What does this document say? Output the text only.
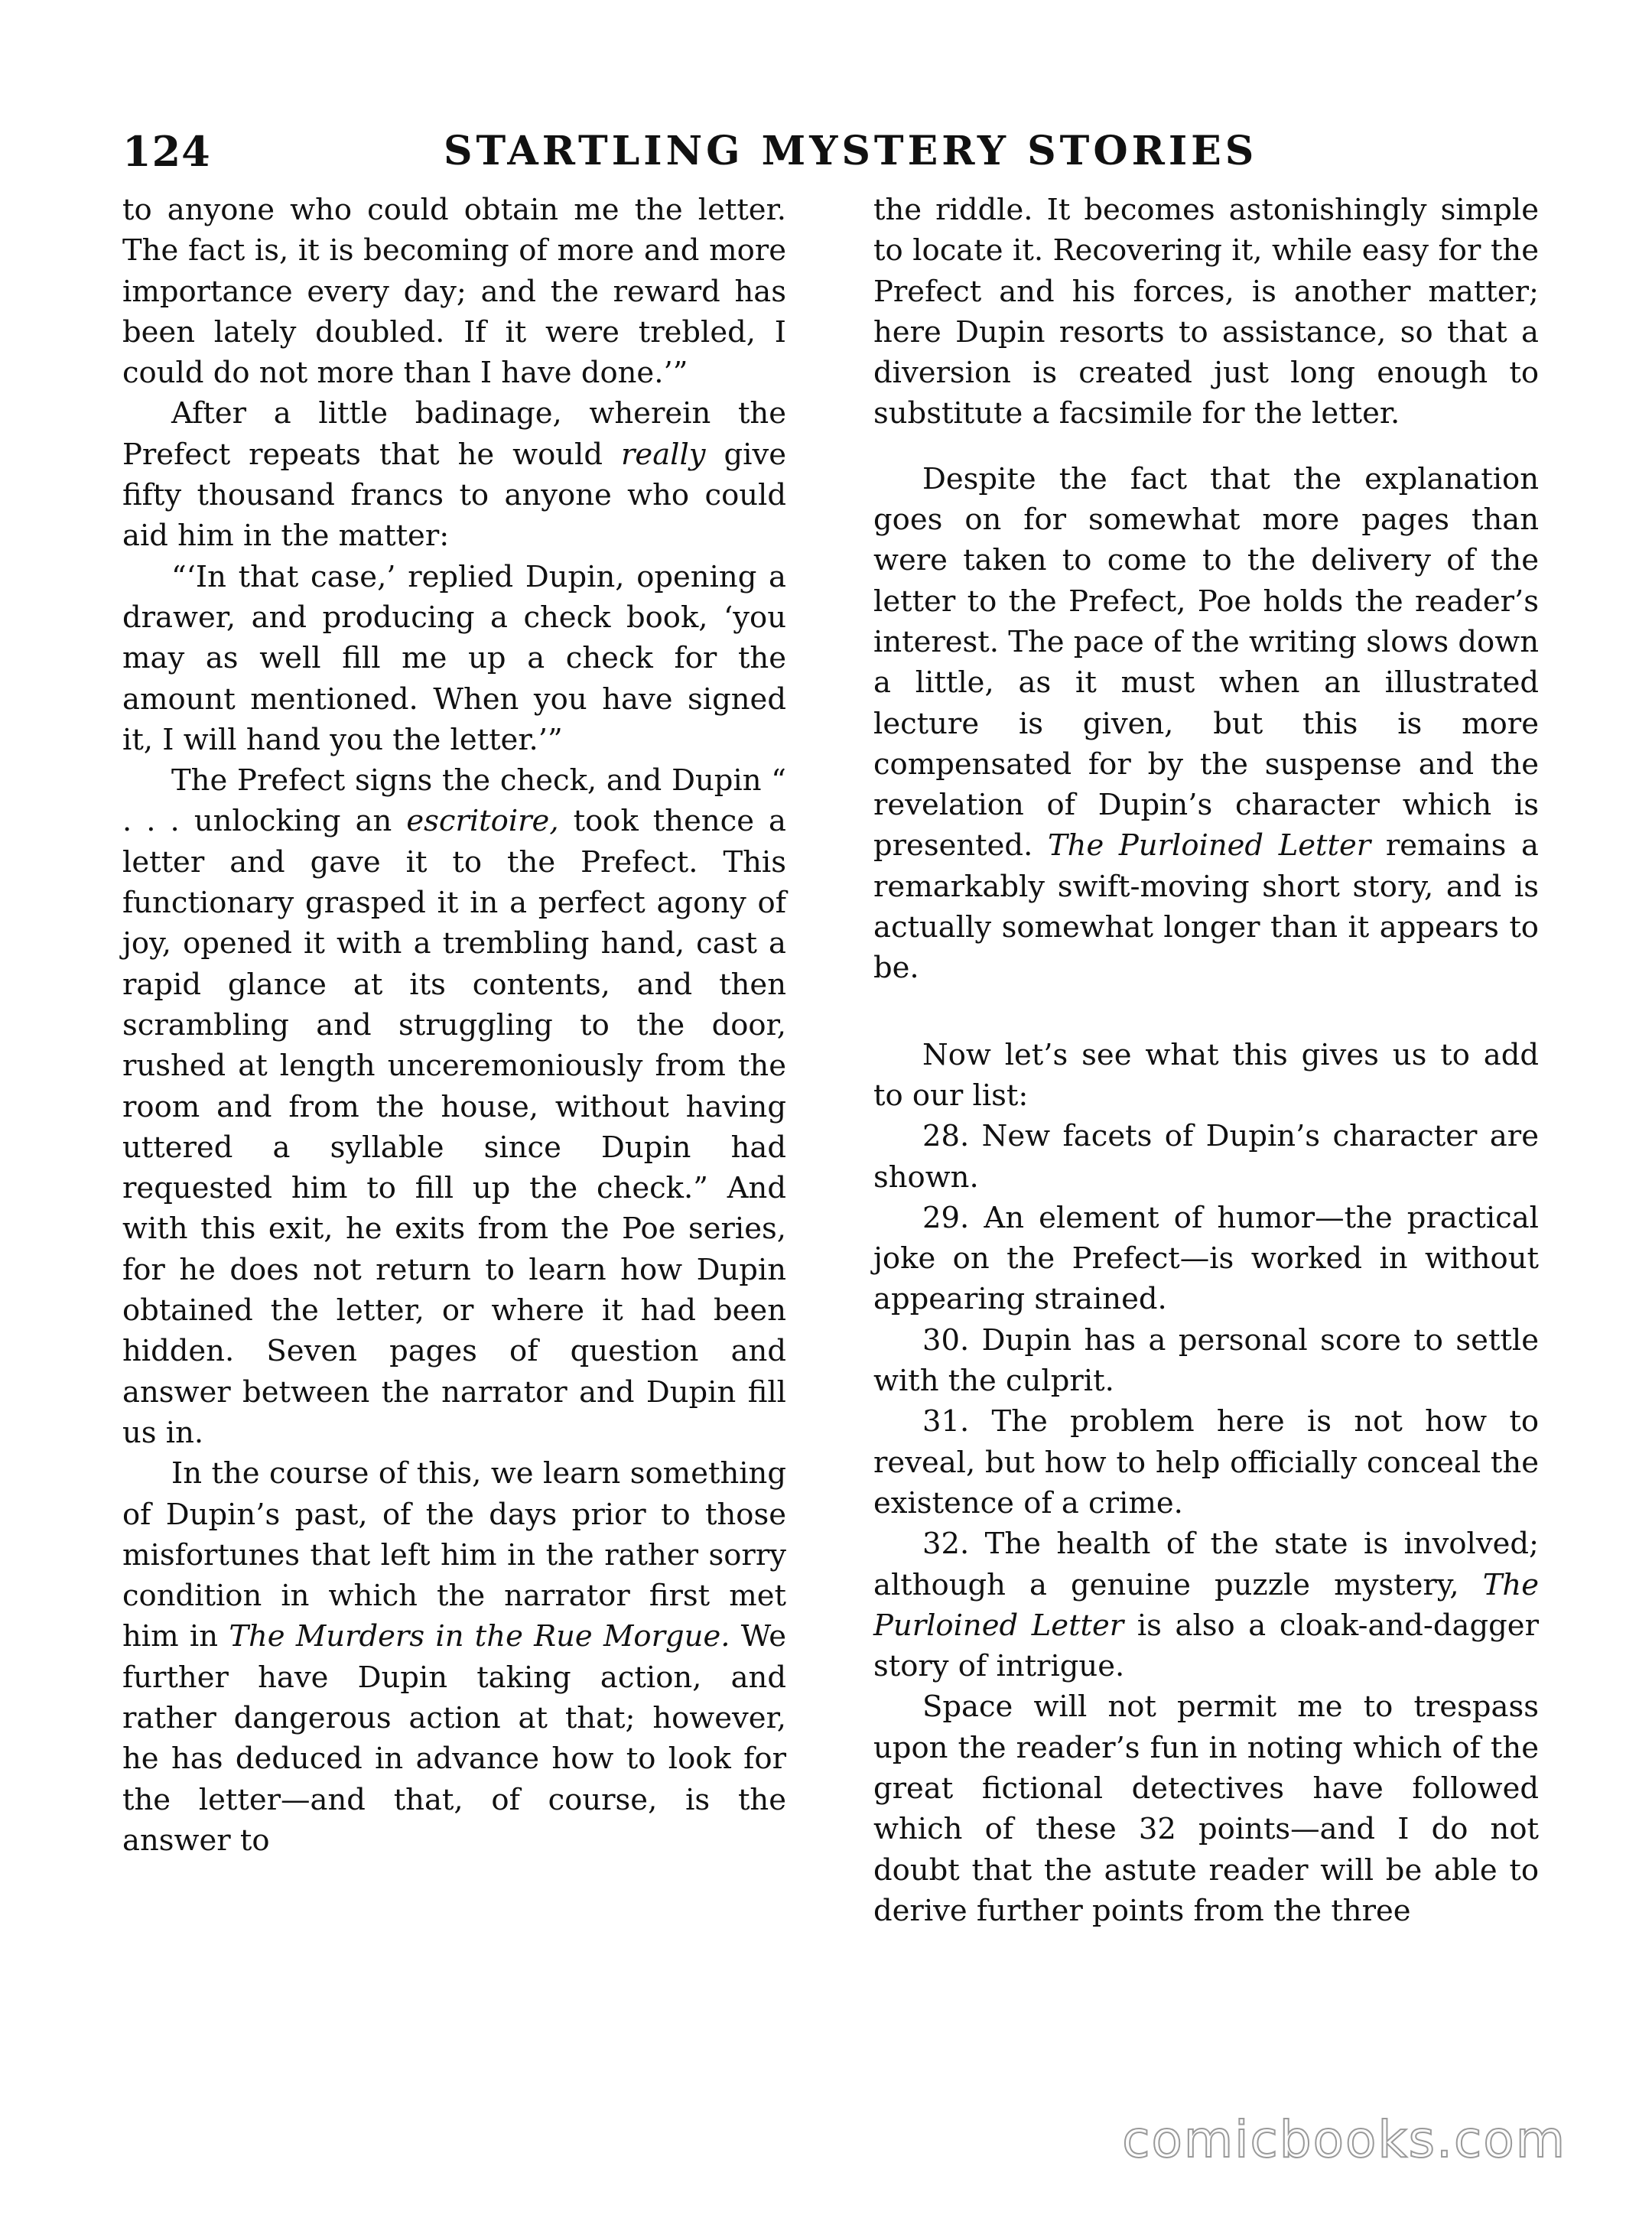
124	STARTLING MYSTERY STORIES

to anyone who could obtain me the letter. The fact is, it is becoming of more and more importance every day; and the reward has been lately doubled. If it were trebled, I could do not more than I have done.’”

After a little badinage, wherein the Prefect repeats that he would really give fifty thousand francs to anyone who could aid him in the matter:

“‘In that case,’ replied Dupin, opening a drawer, and producing a check book, ‘you may as well fill me up a check for the amount mentioned. When you have signed it, I will hand you the letter.’”

The Prefect signs the check, and Dupin “ . . . unlocking an escritoire, took thence a letter and gave it to the Prefect. This functionary grasped it in a perfect agony of joy, opened it with a trembling hand, cast a rapid glance at its contents, and then scrambling and struggling to the door, rushed at length unceremoniously from the room and from the house, without having uttered a syllable since Dupin had requested him to fill up the check.” And with this exit, he exits from the Poe series, for he does not return to learn how Dupin obtained the letter, or where it had been hidden. Seven pages of question and answer between the narrator and Dupin fill us in.

In the course of this, we learn something of Dupin’s past, of the days prior to those misfortunes that left him in the rather sorry condition in which the narrator first met him in The Murders in the Rue Morgue. We further have Dupin taking action, and rather dangerous action at that; however, he has deduced in advance how to look for the letter—and that, of course, is the answer to

the riddle. It becomes astonishingly simple to locate it. Recovering it, while easy for the Prefect and his forces, is another matter; here Dupin resorts to assistance, so that a diversion is created just long enough to substitute a facsimile for the letter.

Despite the fact that the explanation goes on for somewhat more pages than were taken to come to the delivery of the letter to the Prefect, Poe holds the reader’s interest. The pace of the writing slows down a little, as it must when an illustrated lecture is given, but this is more compensated for by the suspense and the revelation of Dupin’s character which is presented. The Purloined Letter remains a remarkably swift-moving short story, and is actually somewhat longer than it appears to be.

Now let’s see what this gives us to add to our list:

28. New facets of Dupin’s character are shown.

29. An element of humor—the practical joke on the Prefect—is worked in without appearing strained.

30. Dupin has a personal score to settle with the culprit.

31. The problem here is not how to reveal, but how to help officially conceal the existence of a crime.

32. The health of the state is involved; although a genuine puzzle mystery, The Purloined Letter is also a cloak-and-dagger story of intrigue.

Space will not permit me to trespass upon the reader’s fun in noting which of the great fictional detectives have followed which of these 32 points—and I do not doubt that the astute reader will be able to derive further points from the three

comicbooks.com
